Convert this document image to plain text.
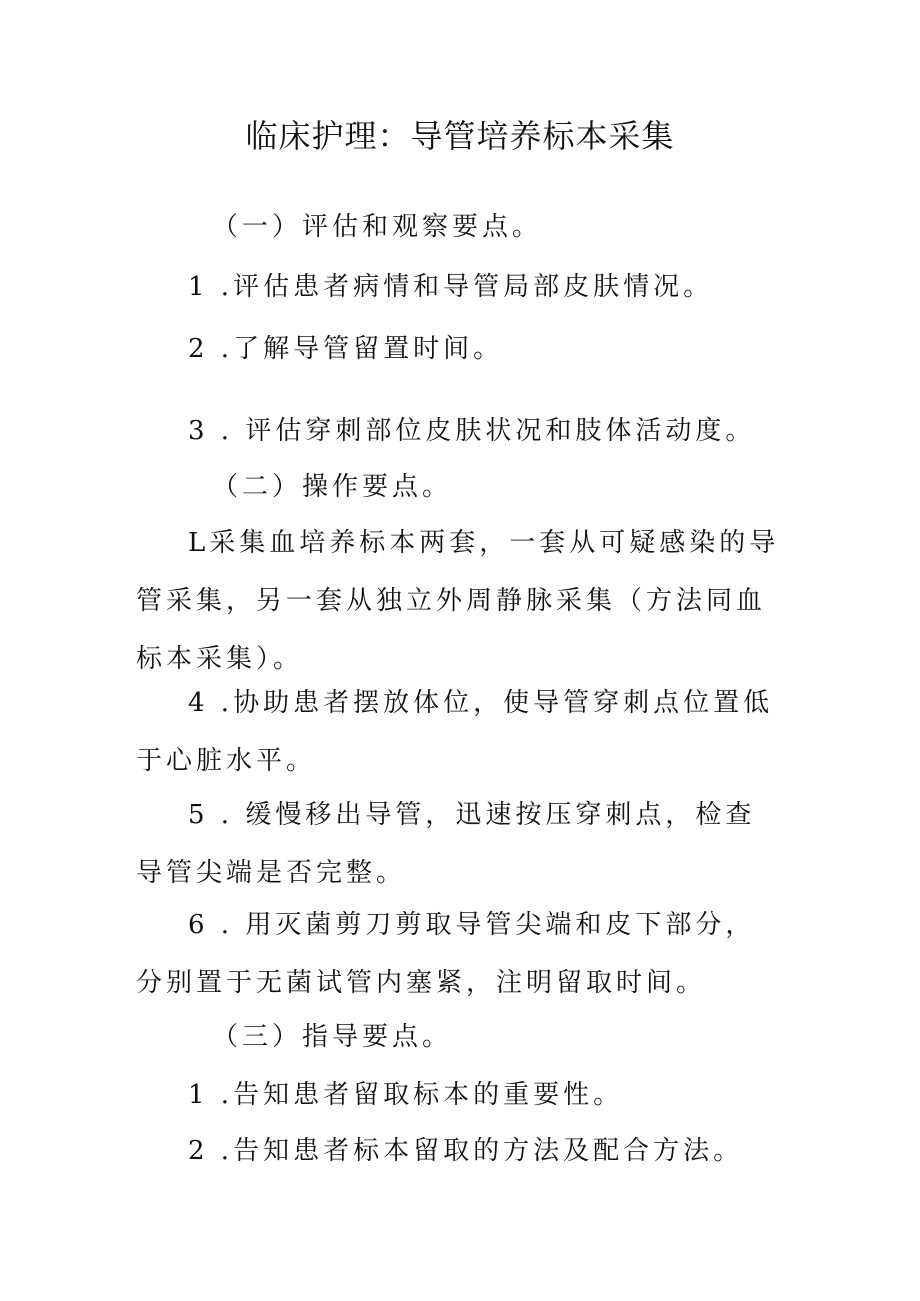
临床护理：导管培养标本采集

（一）评估和观察要点。

1 .评估患者病情和导管局部皮肤情况。

2 .了解导管留置时间。

3 . 评估穿刺部位皮肤状况和肢体活动度。

（二）操作要点。

L采集血培养标本两套，一套从可疑感染的导管采集，另一套从独立外周静脉采集（方法同血标本采集）。

4 .协助患者摆放体位，使导管穿刺点位置低于心脏水平。

5 . 缓慢移出导管，迅速按压穿刺点，检查导管尖端是否完整。

6 . 用灭菌剪刀剪取导管尖端和皮下部分，分别置于无菌试管内塞紧，注明留取时间。

（三）指导要点。

1 .告知患者留取标本的重要性。

2 .告知患者标本留取的方法及配合方法。
